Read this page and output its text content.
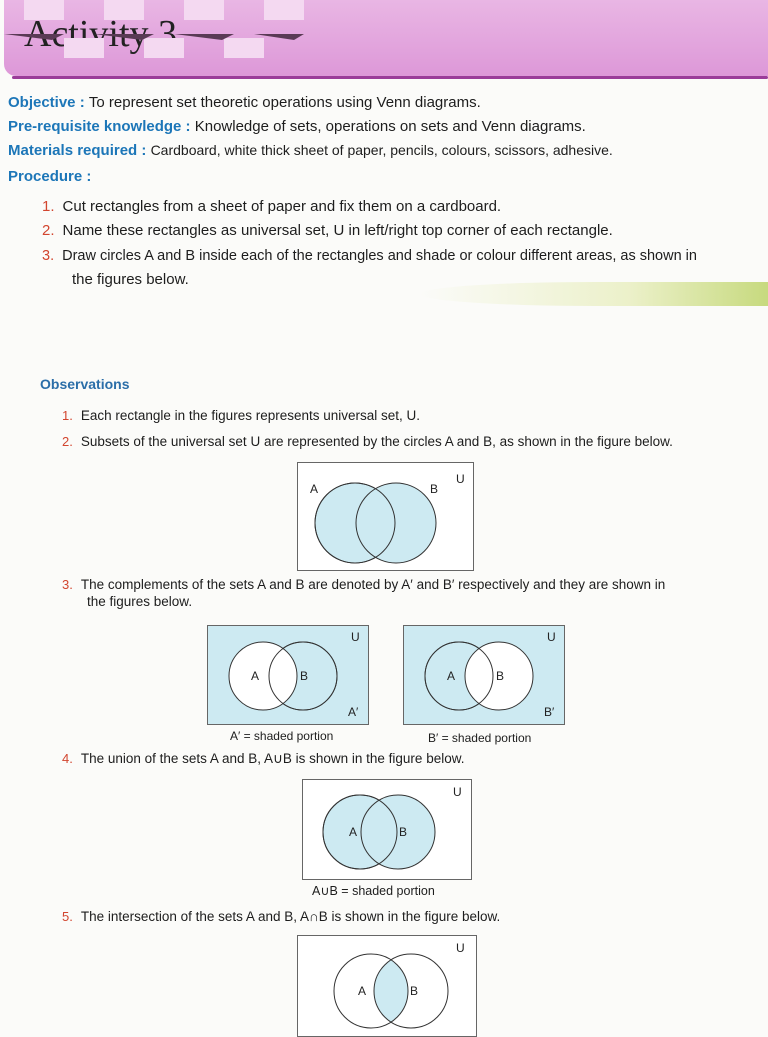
Activity 3
Objective : To represent set theoretic operations using Venn diagrams.
Pre-requisite knowledge : Knowledge of sets, operations on sets and Venn diagrams.
Materials required : Cardboard, white thick sheet of paper, pencils, colours, scissors, adhesive.
Procedure :
1. Cut rectangles from a sheet of paper and fix them on a cardboard.
2. Name these rectangles as universal set, U in left/right top corner of each rectangle.
3. Draw circles A and B inside each of the rectangles and shade or colour different areas, as shown in
the figures below.
Observations
1. Each rectangle in the figures represents universal set, U.
2. Subsets of the universal set U are represented by the circles A and B, as shown in the figure below.
A	B
U
3. The complements of the sets A and B are denoted by A′ and B′ respectively and they are shown in
the figures below.
A	B
U
A′
A′ = shaded portion
A	B
U
B′
B′ = shaded portion
4. The union of the sets A and B, A∪B is shown in the figure below.
A	B
U
A∪B = shaded portion
5. The intersection of the sets A and B, A∩B is shown in the figure below.
A	B
U
